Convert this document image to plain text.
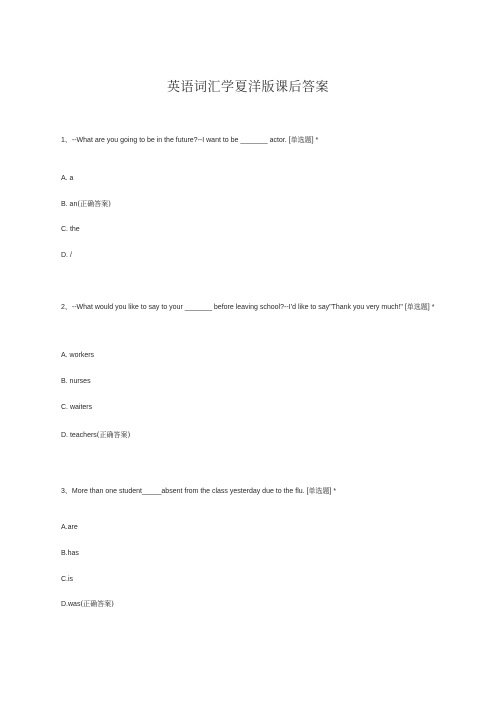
英语词汇学夏洋版课后答案
1、--What are you going to be in the future?--I want to be _______ actor. [单选题] *
A. a
B. an(正确答案)
C. the
D. /
2、--What would you like to say to your _______ before leaving school?--I’d like to say"Thank you very much!" [单选题] *
A. workers
B. nurses
C. waiters
D. teachers(正确答案)
3、More than one student_____absent from the class yesterday due to the flu. [单选题] *
A.are
B.has
C.is
D.was(正确答案)
